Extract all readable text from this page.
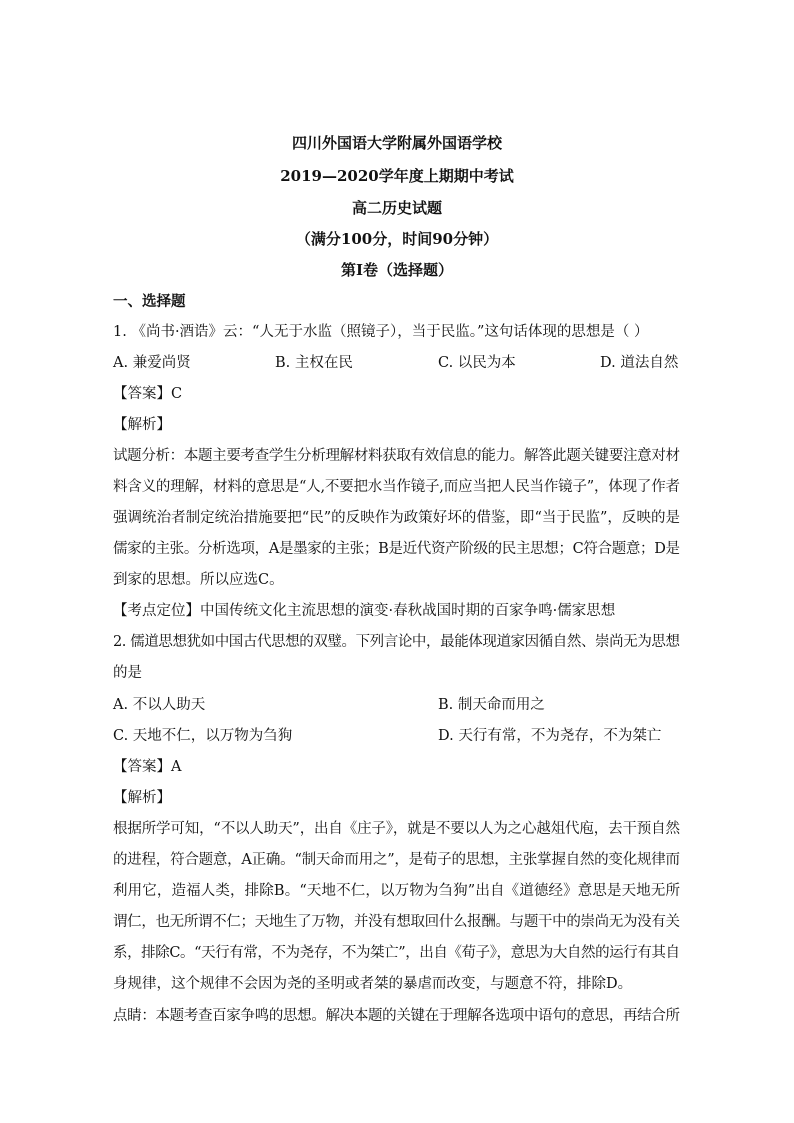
四川外国语大学附属外国语学校
2019—2020学年度上期期中考试
高二历史试题
（满分100分，时间90分钟）
第I卷（选择题）
一、选择题
1. 《尚书·酒诰》云：“人无于水监（照镜子），当于民监。”这句话体现的思想是（ ）
A. 兼爱尚贤	B. 主权在民	C. 以民为本	D. 道法自然
【答案】C
【解析】
试题分析：本题主要考查学生分析理解材料获取有效信息的能力。解答此题关键要注意对材
料含义的理解，材料的意思是“人,不要把水当作镜子,而应当把人民当作镜子”，体现了作者
强调统治者制定统治措施要把“民”的反映作为政策好坏的借鉴，即“当于民监”，反映的是
儒家的主张。分析选项，A是墨家的主张；B是近代资产阶级的民主思想；C符合题意；D是
到家的思想。所以应选C。
【考点定位】中国传统文化主流思想的演变·春秋战国时期的百家争鸣·儒家思想
2. 儒道思想犹如中国古代思想的双璧。下列言论中，最能体现道家因循自然、崇尚无为思想
的是
A. 不以人助天	B. 制天命而用之
C. 天地不仁，以万物为刍狗	D. 天行有常，不为尧存，不为桀亡
【答案】A
【解析】
根据所学可知，“不以人助天”，出自《庄子》，就是不要以人为之心越俎代庖，去干预自然
的进程，符合题意，A正确。“制天命而用之”，是荀子的思想，主张掌握自然的变化规律而
利用它，造福人类，排除B。“天地不仁，以万物为刍狗”出自《道德经》意思是天地无所
谓仁，也无所谓不仁；天地生了万物，并没有想取回什么报酬。与题干中的崇尚无为没有关
系，排除C。“天行有常，不为尧存，不为桀亡”，出自《荀子》，意思为大自然的运行有其自
身规律，这个规律不会因为尧的圣明或者桀的暴虐而改变，与题意不符，排除D。
点睛：本题考查百家争鸣的思想。解决本题的关键在于理解各选项中语句的意思，再结合所
